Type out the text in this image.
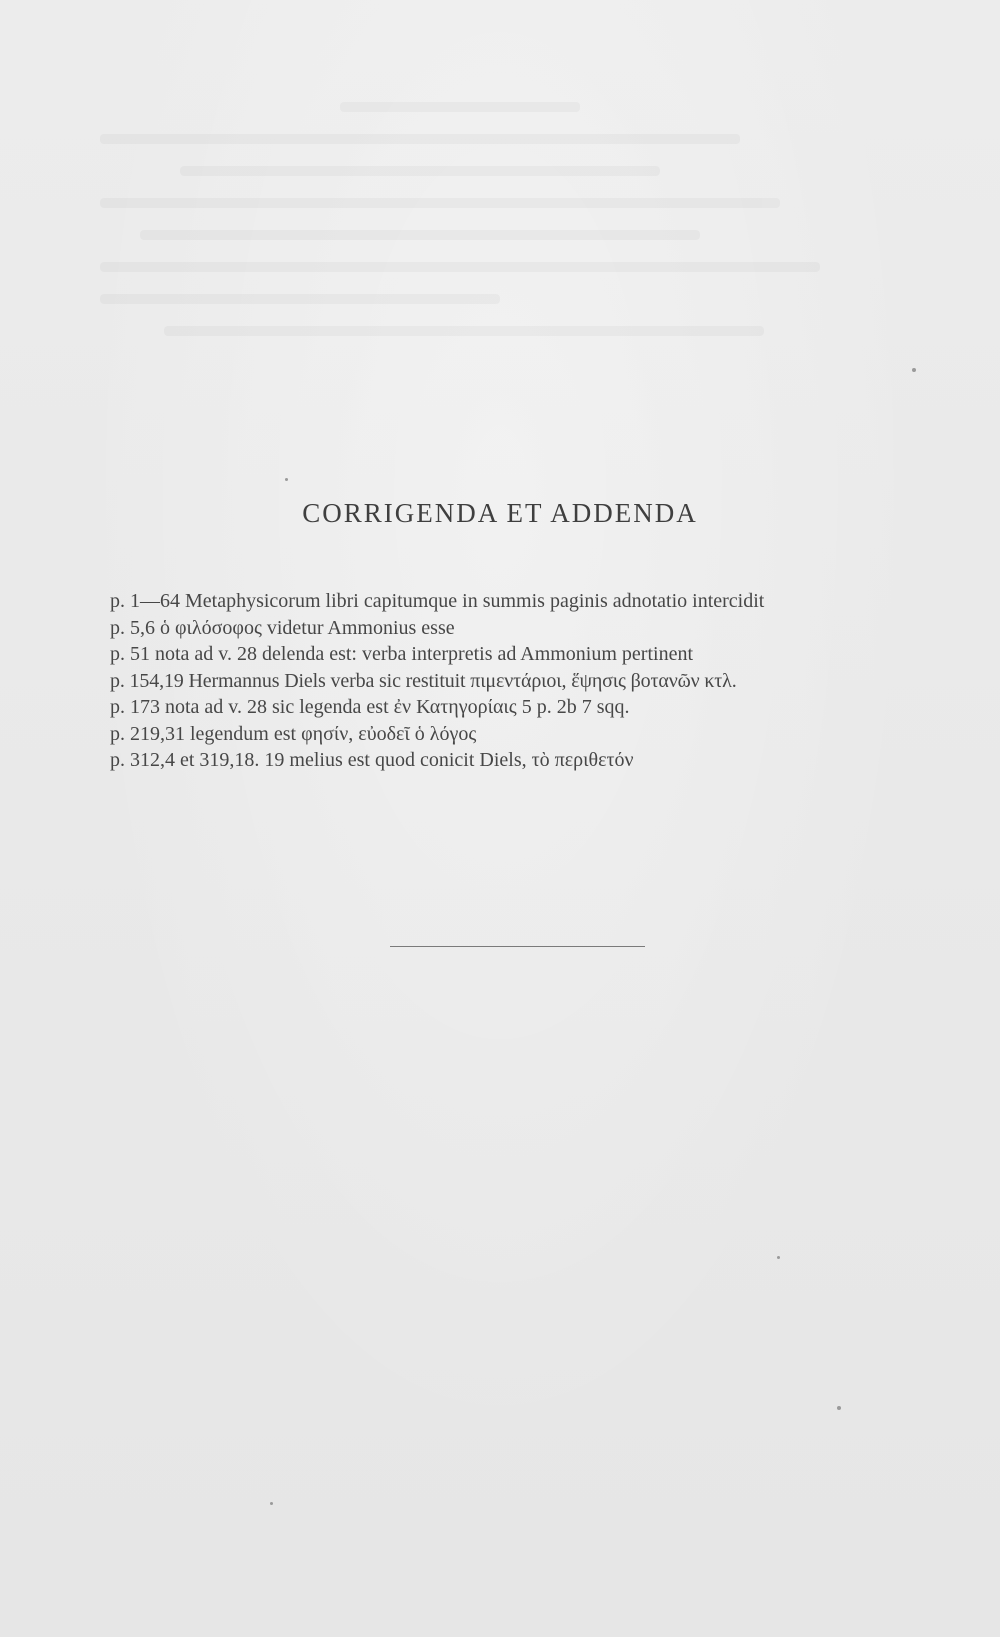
CORRIGENDA ET ADDENDA
p. 1—64 Metaphysicorum libri capitumque in summis paginis adnotatio intercidit
p. 5,6 ὁ φιλόσοφος videtur Ammonius esse
p. 51 nota ad v. 28 delenda est: verba interpretis ad Ammonium pertinent
p. 154,19 Hermannus Diels verba sic restituit πιμεντάριοι, ἕψησις βοτανῶν κτλ.
p. 173 nota ad v. 28 sic legenda est ἐν Κατηγορίαις 5 p. 2b 7 sqq.
p. 219,31 legendum est φησίν, εὐοδεῖ ὁ λόγος
p. 312,4 et 319,18. 19 melius est quod conicit Diels, τὸ περιθετόν
